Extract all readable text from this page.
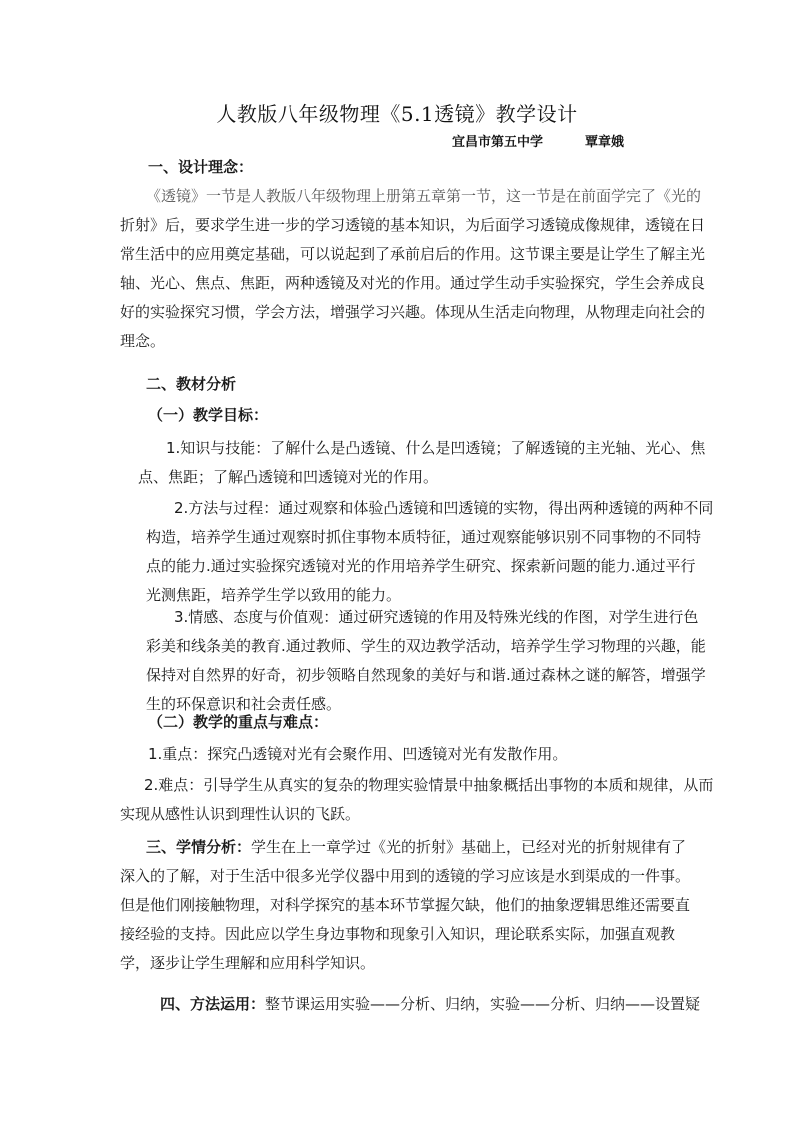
人教版八年级物理《5.1透镜》教学设计
宜昌市第五中学	覃章娥
一、设计理念：
《透镜》一节是人教版八年级物理上册第五章第一节，这一节是在前面学完了《光的
折射》后，要求学生进一步的学习透镜的基本知识，为后面学习透镜成像规律，透镜在日
常生活中的应用奠定基础，可以说起到了承前启后的作用。这节课主要是让学生了解主光
轴、光心、焦点、焦距，两种透镜及对光的作用。通过学生动手实验探究，学生会养成良
好的实验探究习惯，学会方法，增强学习兴趣。体现从生活走向物理，从物理走向社会的
理念。
二、教材分析
（一）教学目标：
1.知识与技能：了解什么是凸透镜、什么是凹透镜；了解透镜的主光轴、光心、焦
点、焦距；了解凸透镜和凹透镜对光的作用。
2.方法与过程：通过观察和体验凸透镜和凹透镜的实物，得出两种透镜的两种不同
构造，培养学生通过观察时抓住事物本质特征，通过观察能够识别不同事物的不同特
点的能力.通过实验探究透镜对光的作用培养学生研究、探索新问题的能力.通过平行
光测焦距，培养学生学以致用的能力。
3.情感、态度与价值观：通过研究透镜的作用及特殊光线的作图，对学生进行色
彩美和线条美的教育.通过教师、学生的双边教学活动，培养学生学习物理的兴趣，能
保持对自然界的好奇，初步领略自然现象的美好与和谐.通过森林之谜的解答，增强学
生的环保意识和社会责任感。
（二）教学的重点与难点：
1.重点：探究凸透镜对光有会聚作用、凹透镜对光有发散作用。
2.难点：引导学生从真实的复杂的物理实验情景中抽象概括出事物的本质和规律，从而
实现从感性认识到理性认识的飞跃。
三、学情分析：学生在上一章学过《光的折射》基础上，已经对光的折射规律有了
深入的了解，对于生活中很多光学仪器中用到的透镜的学习应该是水到渠成的一件事。
但是他们刚接触物理，对科学探究的基本环节掌握欠缺，他们的抽象逻辑思维还需要直
接经验的支持。因此应以学生身边事物和现象引入知识，理论联系实际，加强直观教
学，逐步让学生理解和应用科学知识。
四、方法运用：整节课运用实验——分析、归纳，实验——分析、归纳——设置疑
